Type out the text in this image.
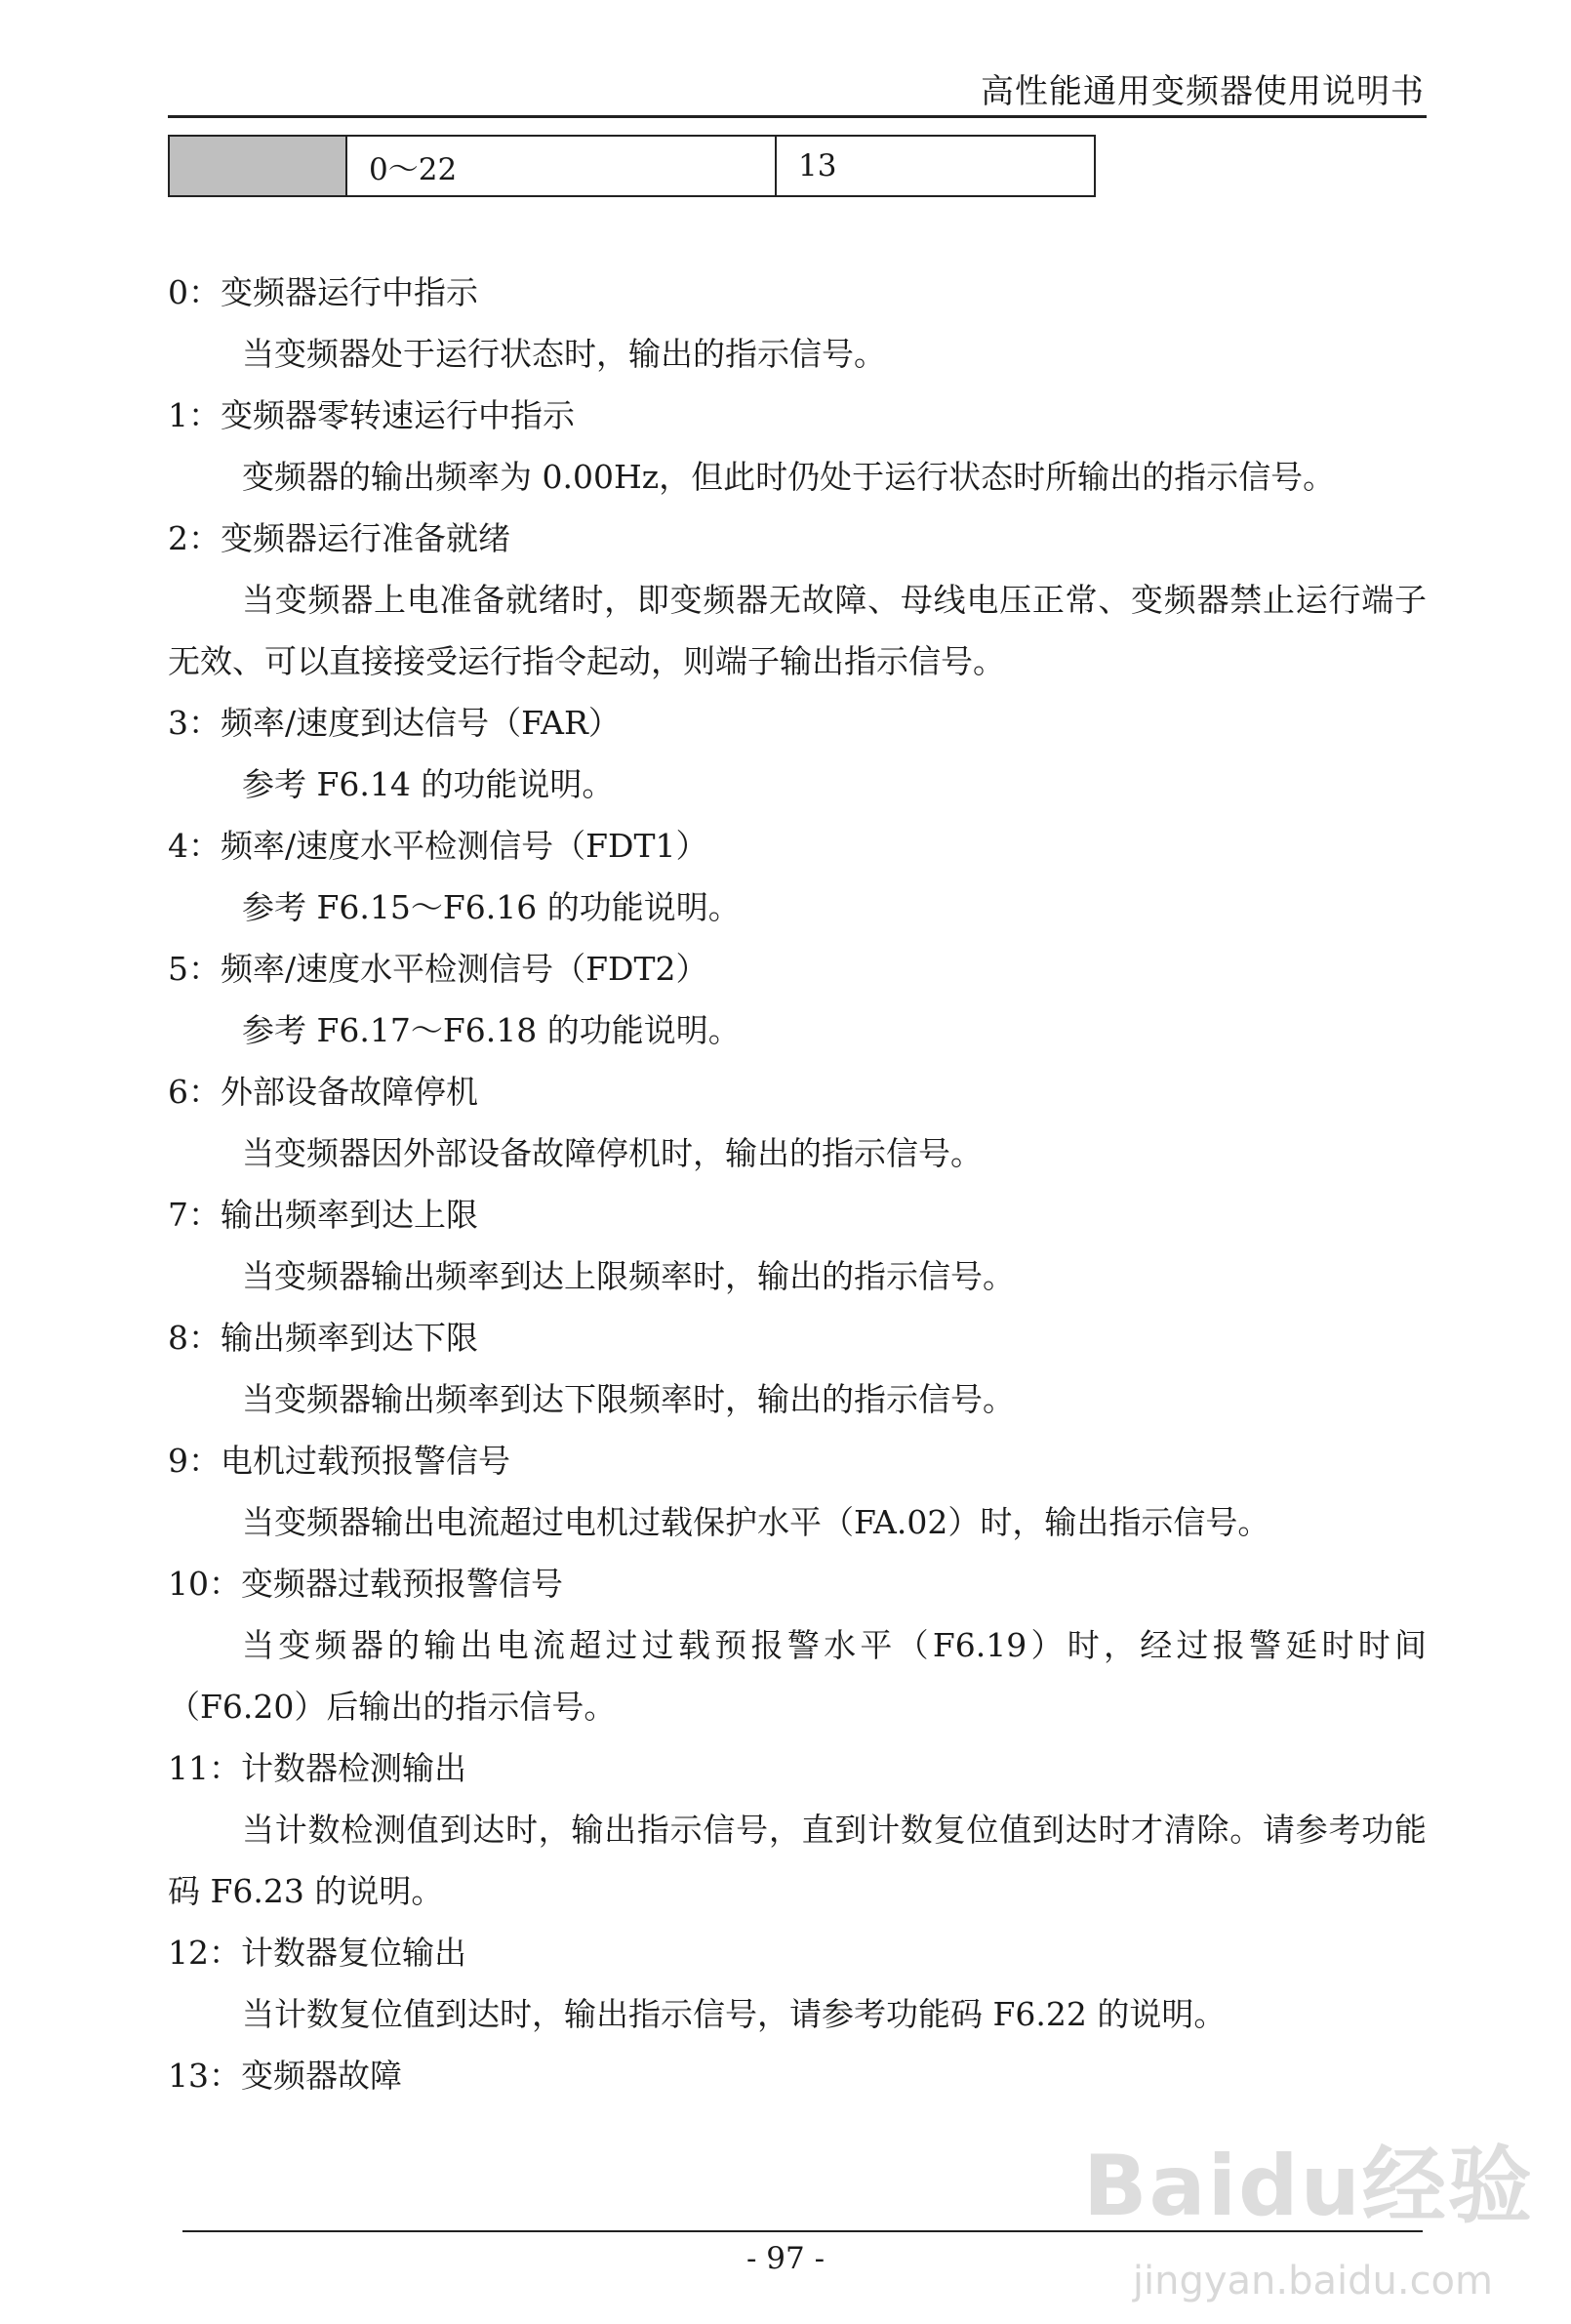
高性能通用变频器使用说明书
	0～22	13
0：变频器运行中指示

当变频器处于运行状态时，输出的指示信号。

1：变频器零转速运行中指示

变频器的输出频率为 0.00Hz，但此时仍处于运行状态时所输出的指示信号。

2：变频器运行准备就绪

当变频器上电准备就绪时，即变频器无故障、母线电压正常、变频器禁止运行端子无效、可以直接接受运行指令起动，则端子输出指示信号。

3：频率/速度到达信号（FAR）

参考 F6.14 的功能说明。

4：频率/速度水平检测信号（FDT1）

参考 F6.15～F6.16 的功能说明。

5：频率/速度水平检测信号（FDT2）

参考 F6.17～F6.18 的功能说明。

6：外部设备故障停机

当变频器因外部设备故障停机时，输出的指示信号。

7：输出频率到达上限

当变频器输出频率到达上限频率时，输出的指示信号。

8：输出频率到达下限

当变频器输出频率到达下限频率时，输出的指示信号。

9：电机过载预报警信号

当变频器输出电流超过电机过载保护水平（FA.02）时，输出指示信号。

10：变频器过载预报警信号

当变频器的输出电流超过过载预报警水平（F6.19）时，经过报警延时时间（F6.20）后输出的指示信号。

11：计数器检测输出

当计数检测值到达时，输出指示信号，直到计数复位值到达时才清除。请参考功能码 F6.23 的说明。

12：计数器复位输出

当计数复位值到达时，输出指示信号，请参考功能码 F6.22 的说明。

13：变频器故障
Baidu经验
jingyan.baidu.com
- 97 -
